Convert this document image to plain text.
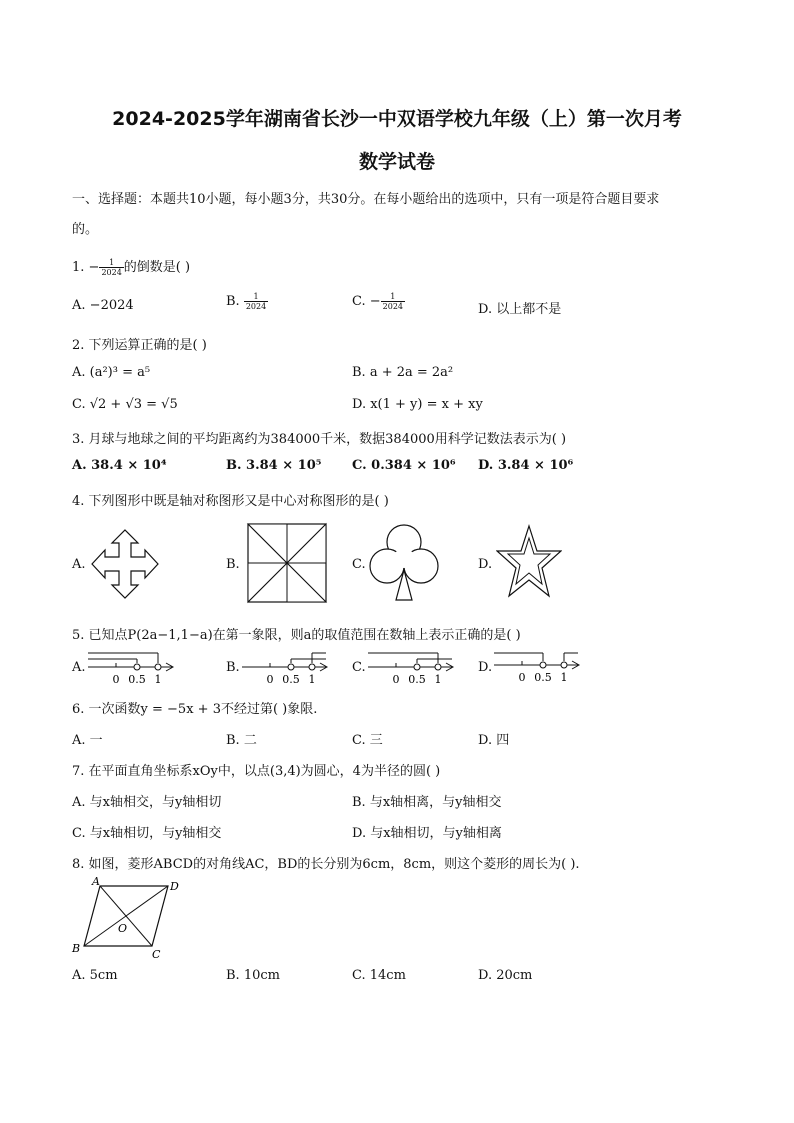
2024-2025学年湖南省长沙一中双语学校九年级（上）第一次月考
数学试卷
一、选择题：本题共10小题，每小题3分，共30分。在每小题给出的选项中，只有一项是符合题目要求
的。
1. − $\frac{1}{2024}$ 的倒数是( )
A. −2024	B. $\frac{1}{2024}$	C. − $\frac{1}{2024}$	D. 以上都不是
2. 下列运算正确的是( )
A. (a²)³ = a⁵	B. a + 2a = 2a²
C. √2 + √3 = √5	D. x(1 + y) = x + xy
3. 月球与地球之间的平均距离约为384000千米，数据384000用科学记数法表示为( )
A. 38.4 × 10⁴	B. 3.84 × 10⁵ C. 0.384 × 10⁶ D. 3.84 × 10⁶
4. 下列图形中既是轴对称图形又是中心对称图形的是( )
A.	B.	C.	D.
5. 已知点P(2a−1,1−a)在第一象限，则a的取值范围在数轴上表示正确的是( )
A.	B.	C.	D.
0 0.5 1	0 0.5 1	0 0.5 1	0 0.5 1
6. 一次函数y = −5x + 3不经过第( )象限.
A. 一	B. 二	C. 三	D. 四
7. 在平面直角坐标系xOy中，以点(3,4)为圆心，4为半径的圆( )
A. 与x轴相交，与y轴相切	B. 与x轴相离，与y轴相交
C. 与x轴相切，与y轴相交	D. 与x轴相切，与y轴相离
8. 如图，菱形ABCD的对角线AC，BD的长分别为6cm，8cm，则这个菱形的周长为( ).
A	D
B	C
O
A. 5cm	B. 10cm	C. 14cm	D. 20cm
